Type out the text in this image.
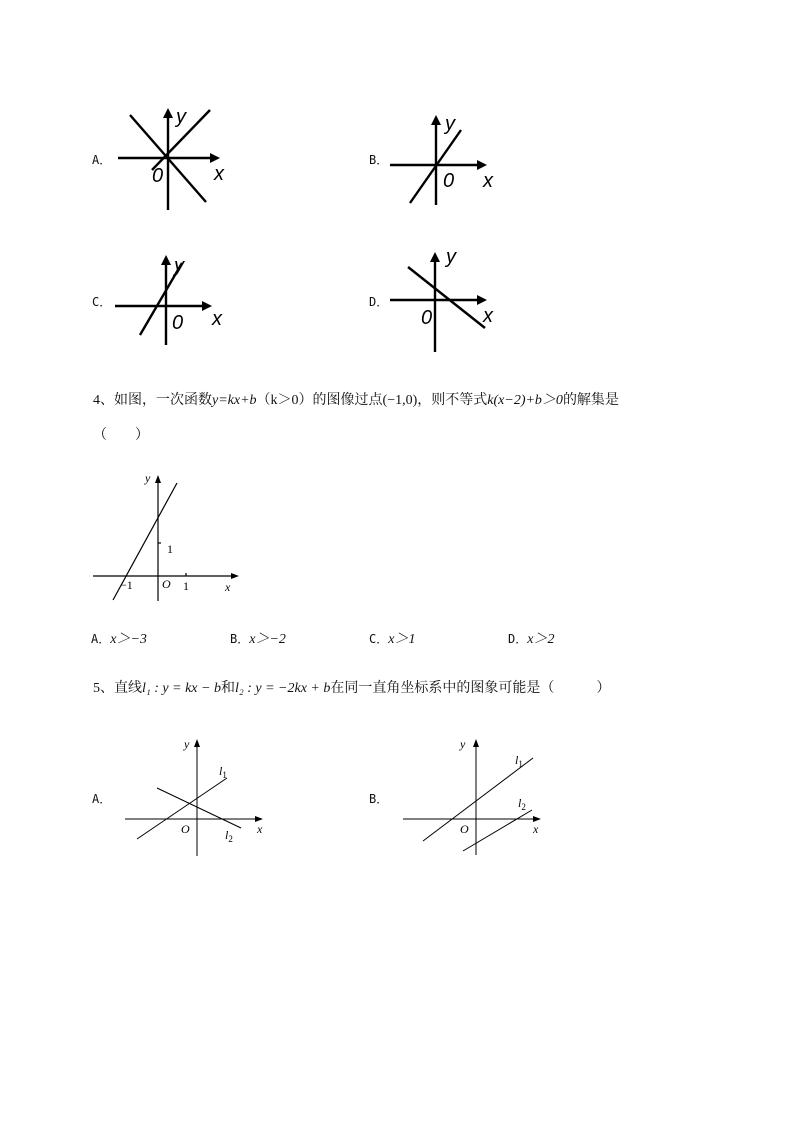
A．
y
x
0
B．
y
x
0
C．
y
x
0
D．
y
x
0
4、如图，一次函数y=kx+b（k＞0）的图像过点(−1,0)，则不等式k(x−2)+b＞0的解集是
（　　）
y
x
O
1
−1	1
A．x＞−3	B．x＞−2	C．x＞1	D．x＞2
5、直线l₁ : y = kx − b和l₂ : y = −2kx + b在同一直角坐标系中的图象可能是（　　　）
A．
y
x
O
$l_1$
$l_2$
B．
y
x
O
$l_1$
$l_2$
